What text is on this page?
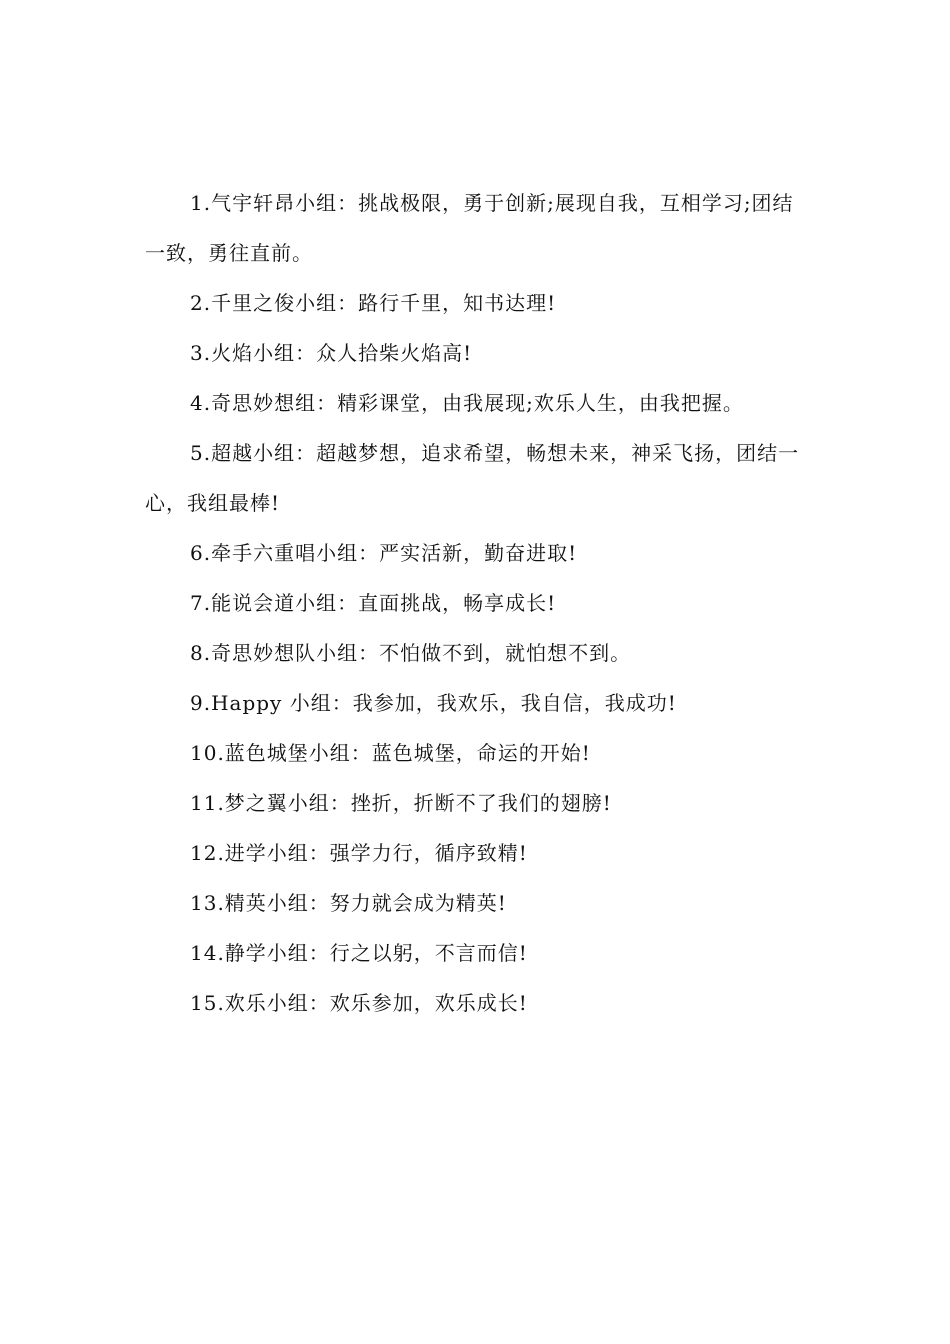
1.气宇轩昂小组：挑战极限，勇于创新;展现自我，互相学习;团结一致，勇往直前。

2.千里之俊小组：路行千里，知书达理!

3.火焰小组：众人拾柴火焰高!

4.奇思妙想组：精彩课堂，由我展现;欢乐人生，由我把握。

5.超越小组：超越梦想，追求希望，畅想未来，神采飞扬，团结一心，我组最棒!

6.牵手六重唱小组：严实活新，勤奋进取!

7.能说会道小组：直面挑战，畅享成长!

8.奇思妙想队小组：不怕做不到，就怕想不到。

9.Happy 小组：我参加，我欢乐，我自信，我成功!

10.蓝色城堡小组：蓝色城堡，命运的开始!

11.梦之翼小组：挫折，折断不了我们的翅膀!

12.进学小组：强学力行，循序致精!

13.精英小组：努力就会成为精英!

14.静学小组：行之以躬，不言而信!

15.欢乐小组：欢乐参加，欢乐成长!
